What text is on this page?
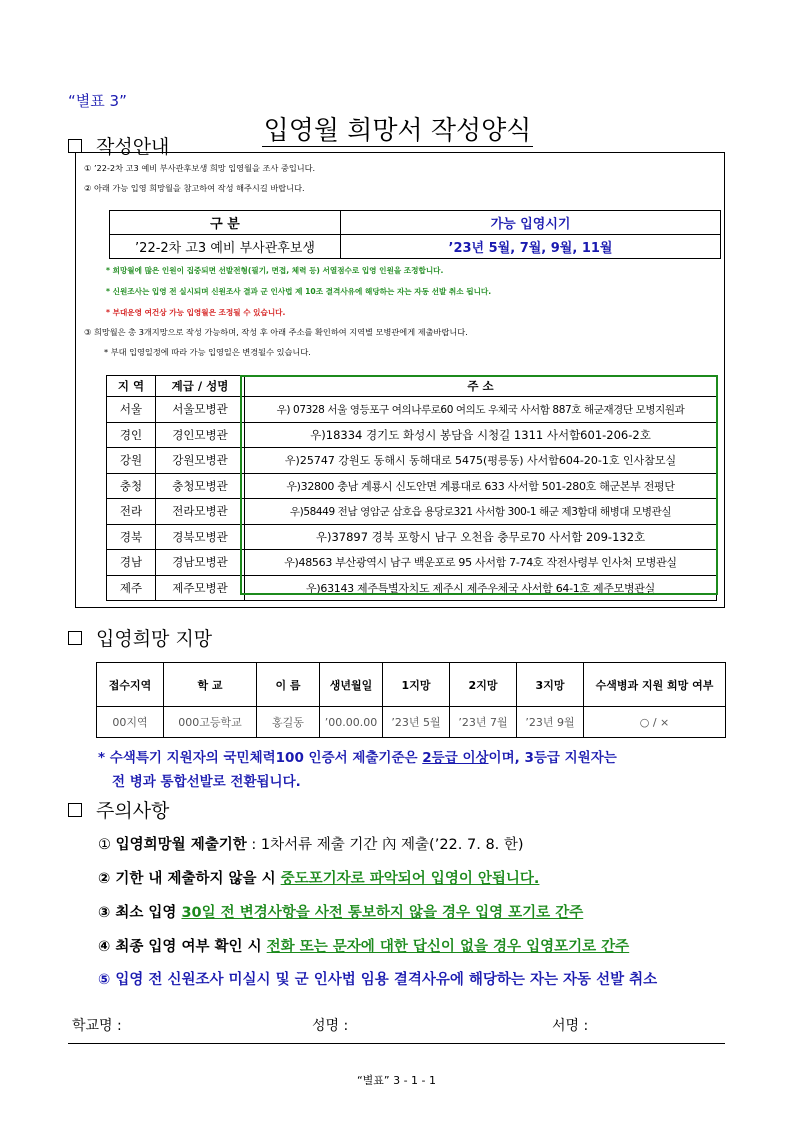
“별표 3”
입영월 희망서 작성양식
작성안내
① ’22-2차 고3 예비 부사관후보생 희망 입영월을 조사 중입니다.
② 아래 가능 입영 희망월을 참고하여 작성 해주시길 바랍니다.
구 분	가능 입영시기
’22-2차 고3 예비 부사관후보생	’23년 5월, 7월, 9월, 11월
* 희망월에 많은 인원이 집중되면 선발전형(필기, 면접, 체력 등) 서열점수로 입영 인원을 조정합니다.
* 신원조사는 입영 전 실시되며 신원조사 결과 군 인사법 제 10조 결격사유에 해당하는 자는 자동 선발 취소 됩니다.
* 부대운영 여건상 가능 입영월은 조정될 수 있습니다.
③ 희망월은 총 3개지망으로 작성 가능하며, 작성 후 아래 주소를 확인하여 지역별 모병관에게 제출바랍니다.
* 부대 입영일정에 따라 가능 입영일은 변경될수 있습니다.
지 역	계급 / 성명	주 소
서울	서울모병관	우) 07328 서울 영등포구 여의나루로60 여의도 우체국 사서함 887호 해군재경단 모병지원과
경인	경인모병관	우)18334 경기도 화성시 봉담읍 시청길 1311 사서함601-206-2호
강원	강원모병관	우)25747 강원도 동해시 동해대로 5475(평릉동) 사서함604-20-1호 인사참모실
충청	충청모병관	우)32800 충남 계룡시 신도안면 계룡대로 633 사서함 501-280호 해군본부 전평단
전라	전라모병관	우)58449 전남 영암군 삼호읍 용당로321 사서함 300-1 해군 제3함대 해병대 모병관실
경북	경북모병관	우)37897 경북 포항시 남구 오천읍 충무로70 사서함 209-132호
경남	경남모병관	우)48563 부산광역시 남구 백운포로 95 사서함 7-74호 작전사령부 인사처 모병관실
제주	제주모병관	우)63143 제주특별자치도 제주시 제주우체국 사서함 64-1호 제주모병관실
입영희망 지망
접수지역	학 교	이 름	생년월일	1지망	2지망	3지망	수색병과 지원 희망 여부
00지역	000고등학교	홍길동	’00.00.00	’23년 5월	’23년 7월	’23년 9월	○ / ×
* 수색특기 지원자의 국민체력100 인증서 제출기준은 2등급 이상이며, 3등급 지원자는
전 병과 통합선발로 전환됩니다.
주의사항
① 입영희망월 제출기한 : 1차서류 제출 기간 內 제출(’22. 7. 8. 한)
② 기한 내 제출하지 않을 시 중도포기자로 파악되어 입영이 안됩니다.
③ 최소 입영 30일 전 변경사항을 사전 통보하지 않을 경우 입영 포기로 간주
④ 최종 입영 여부 확인 시 전화 또는 문자에 대한 답신이 없을 경우 입영포기로 간주
⑤ 입영 전 신원조사 미실시 및 군 인사법 임용 결격사유에 해당하는 자는 자동 선발 취소
학교명 :	성명 :	서명 :
“별표” 3 - 1 - 1
